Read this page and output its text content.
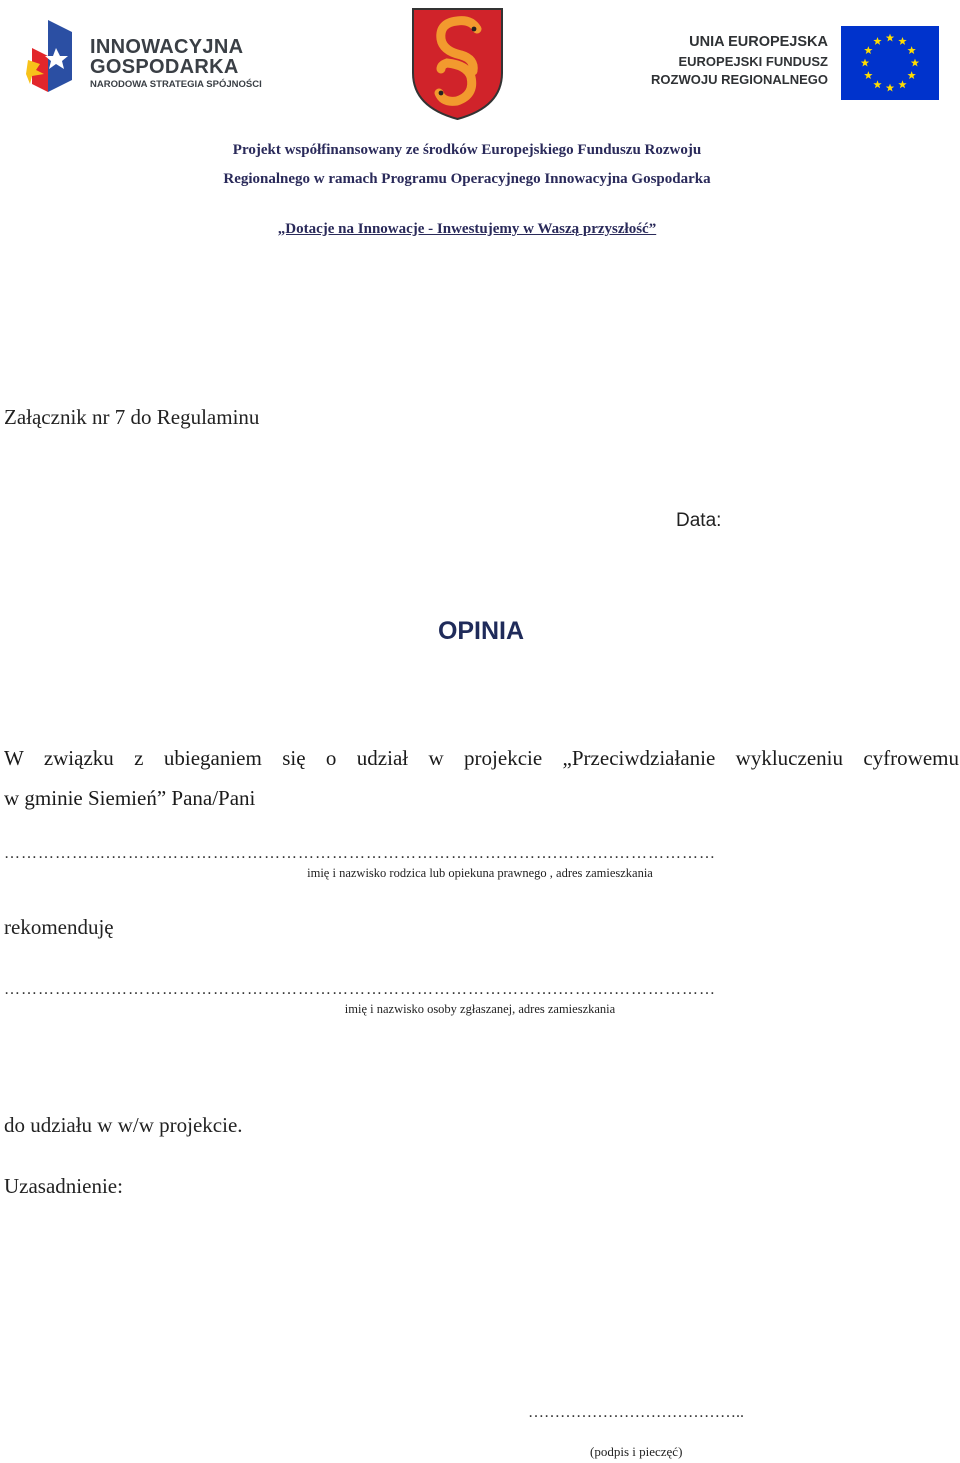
INNOWACYJNA
GOSPODARKA
NARODOWA STRATEGIA SPÓJNOŚCI
UNIA EUROPEJSKA
EUROPEJSKI FUNDUSZ
ROZWOJU REGIONALNEGO
Projekt współfinansowany ze środków Europejskiego Funduszu Rozwoju
Regionalnego w ramach Programu Operacyjnego Innowacyjna Gospodarka
„Dotacje na Innowacje - Inwestujemy w Waszą przyszłość”
Załącznik nr 7 do Regulaminu
Data:
OPINIA
W związku z ubieganiem się o udział w projekcie „Przeciwdziałanie wykluczeniu cyfrowemu
w gminie Siemień” Pana/Pani
……………….…………………………………………………………………….……….………………
imię i nazwisko rodzica lub opiekuna prawnego , adres zamieszkania
rekomenduję
……………….…………………………………………………………………….……….………………
imię i nazwisko osoby zgłaszanej, adres zamieszkania
do udziału w w/w projekcie.
Uzasadnienie:
…………………………………..
(podpis i pieczęć)
